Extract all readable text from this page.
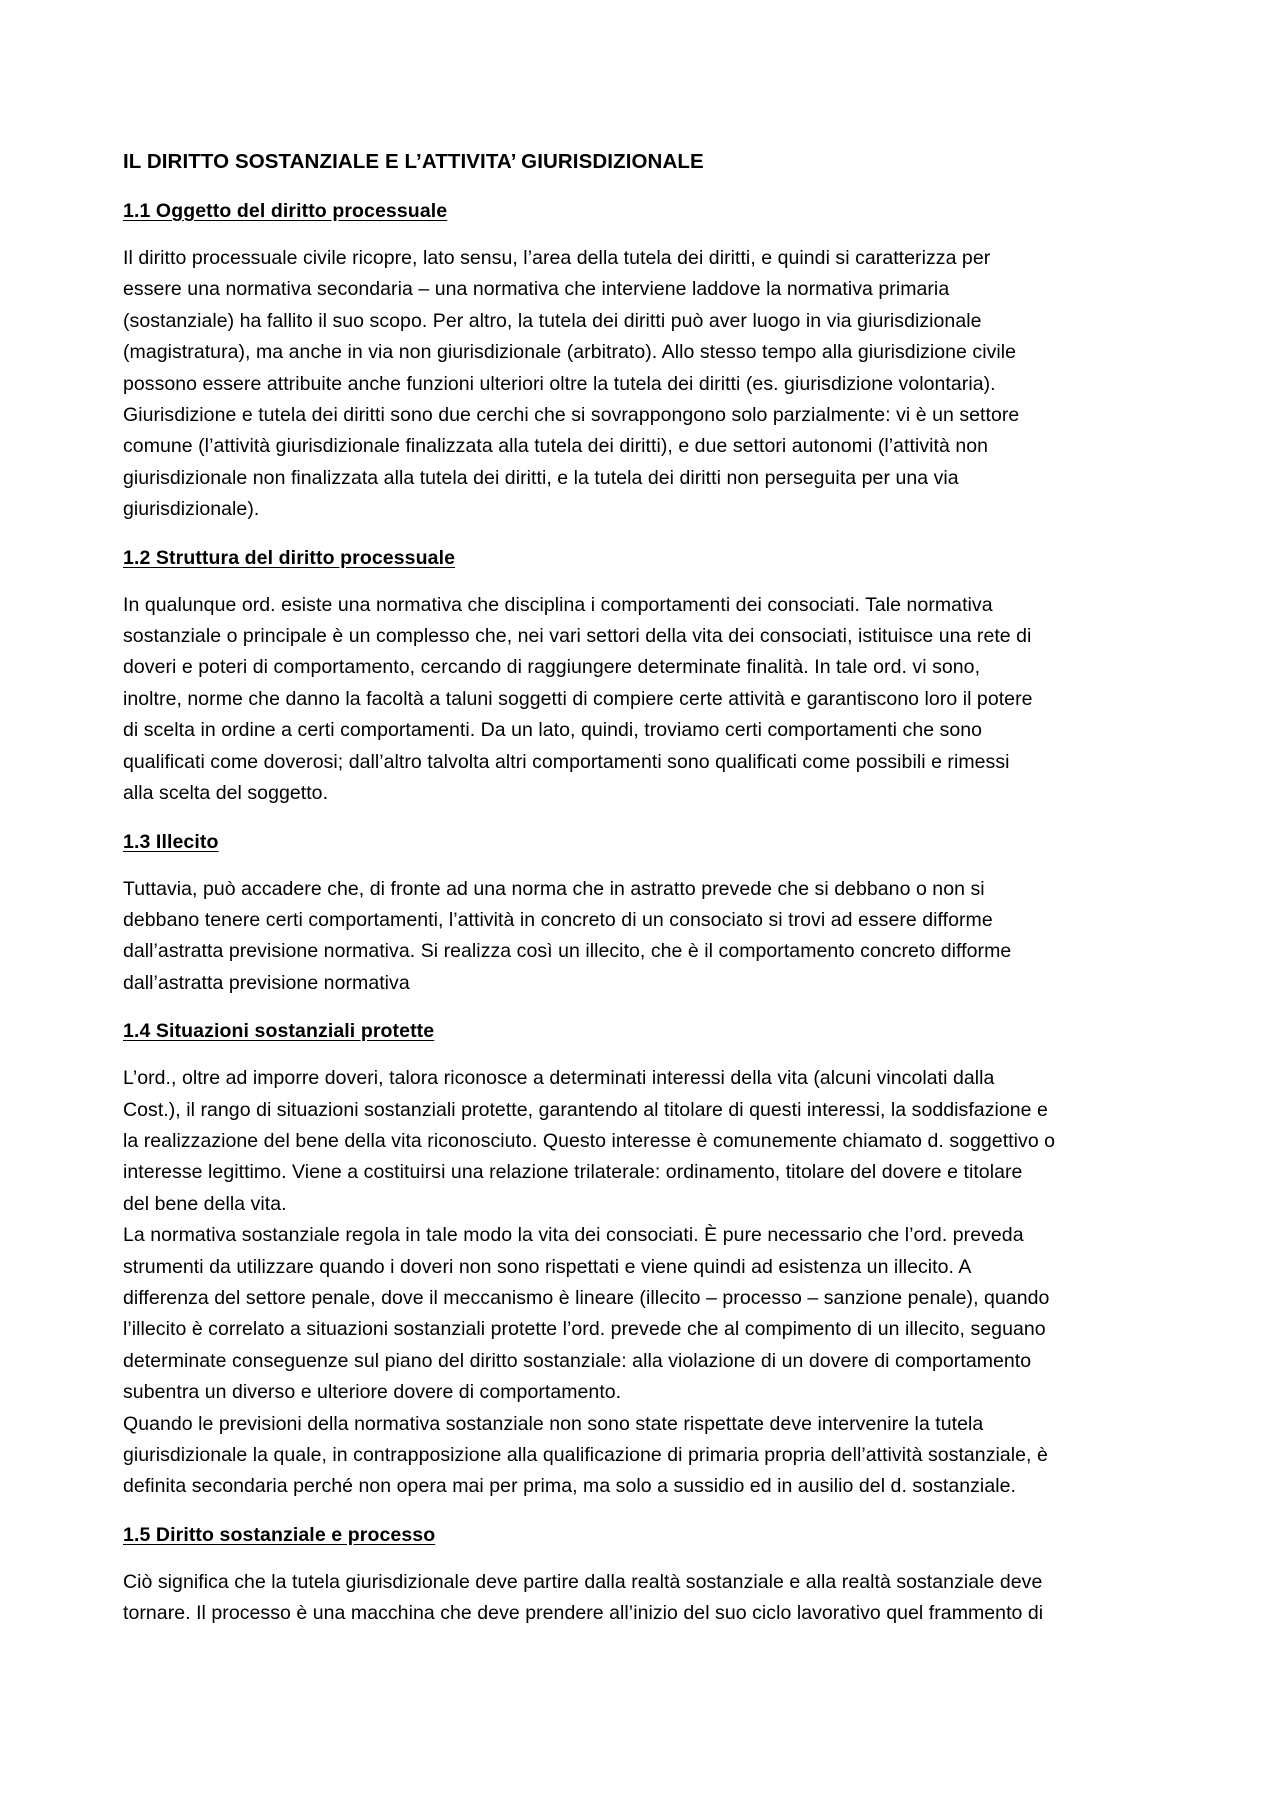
IL DIRITTO SOSTANZIALE E L’ATTIVITA’ GIURISDIZIONALE
1.1 Oggetto del diritto processuale
Il diritto processuale civile ricopre, lato sensu, l’area della tutela dei diritti, e quindi si caratterizza per
essere una normativa secondaria – una normativa che interviene laddove la normativa primaria
(sostanziale) ha fallito il suo scopo. Per altro, la tutela dei diritti può aver luogo in via giurisdizionale
(magistratura), ma anche in via non giurisdizionale (arbitrato). Allo stesso tempo alla giurisdizione civile
possono essere attribuite anche funzioni ulteriori oltre la tutela dei diritti (es. giurisdizione volontaria).
Giurisdizione e tutela dei diritti sono due cerchi che si sovrappongono solo parzialmente: vi è un settore
comune (l’attività giurisdizionale finalizzata alla tutela dei diritti), e due settori autonomi (l’attività non
giurisdizionale non finalizzata alla tutela dei diritti, e la tutela dei diritti non perseguita per una via
giurisdizionale).
1.2 Struttura del diritto processuale
In qualunque ord. esiste una normativa che disciplina i comportamenti dei consociati. Tale normativa
sostanziale o principale è un complesso che, nei vari settori della vita dei consociati, istituisce una rete di
doveri e poteri di comportamento, cercando di raggiungere determinate finalità. In tale ord. vi sono,
inoltre, norme che danno la facoltà a taluni soggetti di compiere certe attività e garantiscono loro il potere
di scelta in ordine a certi comportamenti. Da un lato, quindi, troviamo certi comportamenti che sono
qualificati come doverosi; dall’altro talvolta altri comportamenti sono qualificati come possibili e rimessi
alla scelta del soggetto.
1.3 Illecito
Tuttavia, può accadere che, di fronte ad una norma che in astratto prevede che si debbano o non si
debbano tenere certi comportamenti, l’attività in concreto di un consociato si trovi ad essere difforme
dall’astratta previsione normativa. Si realizza così un illecito, che è il comportamento concreto difforme
dall’astratta previsione normativa
1.4 Situazioni sostanziali protette
L’ord., oltre ad imporre doveri, talora riconosce a determinati interessi della vita (alcuni vincolati dalla
Cost.), il rango di situazioni sostanziali protette, garantendo al titolare di questi interessi, la soddisfazione e
la realizzazione del bene della vita riconosciuto. Questo interesse è comunemente chiamato d. soggettivo o
interesse legittimo. Viene a costituirsi una relazione trilaterale: ordinamento, titolare del dovere e titolare
del bene della vita.
La normativa sostanziale regola in tale modo la vita dei consociati. È pure necessario che l’ord. preveda
strumenti da utilizzare quando i doveri non sono rispettati e viene quindi ad esistenza un illecito. A
differenza del settore penale, dove il meccanismo è lineare (illecito – processo – sanzione penale), quando
l’illecito è correlato a situazioni sostanziali protette l’ord. prevede che al compimento di un illecito, seguano
determinate conseguenze sul piano del diritto sostanziale: alla violazione di un dovere di comportamento
subentra un diverso e ulteriore dovere di comportamento.
Quando le previsioni della normativa sostanziale non sono state rispettate deve intervenire la tutela
giurisdizionale la quale, in contrapposizione alla qualificazione di primaria propria dell’attività sostanziale, è
definita secondaria perché non opera mai per prima, ma solo a sussidio ed in ausilio del d. sostanziale.
1.5 Diritto sostanziale e processo
Ciò significa che la tutela giurisdizionale deve partire dalla realtà sostanziale e alla realtà sostanziale deve
tornare. Il processo è una macchina che deve prendere all’inizio del suo ciclo lavorativo quel frammento di
